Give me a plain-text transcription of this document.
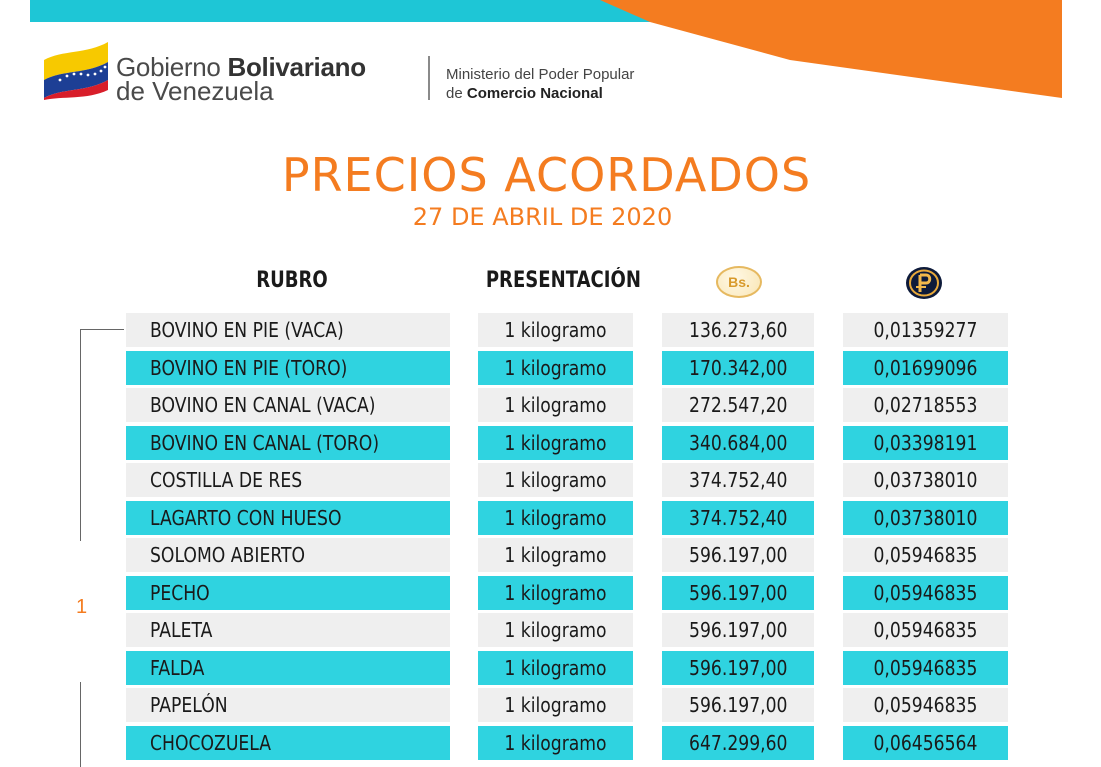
Gobierno Bolivariano
de Venezuela
Ministerio del Poder Popular
de Comercio Nacional
PRECIOS ACORDADOS
27 DE ABRIL DE 2020
RUBRO	PRESENTACIÓN	Bs.
1
BOVINO EN PIE (VACA)	1 kilogramo	136.273,60	0,01359277
BOVINO EN PIE (TORO)	1 kilogramo	170.342,00	0,01699096
BOVINO EN CANAL (VACA)	1 kilogramo	272.547,20	0,02718553
BOVINO EN CANAL (TORO)	1 kilogramo	340.684,00	0,03398191
COSTILLA DE RES	1 kilogramo	374.752,40	0,03738010
LAGARTO CON HUESO	1 kilogramo	374.752,40	0,03738010
SOLOMO ABIERTO	1 kilogramo	596.197,00	0,05946835
PECHO	1 kilogramo	596.197,00	0,05946835
PALETA	1 kilogramo	596.197,00	0,05946835
FALDA	1 kilogramo	596.197,00	0,05946835
PAPELÓN	1 kilogramo	596.197,00	0,05946835
CHOCOZUELA	1 kilogramo	647.299,60	0,06456564
